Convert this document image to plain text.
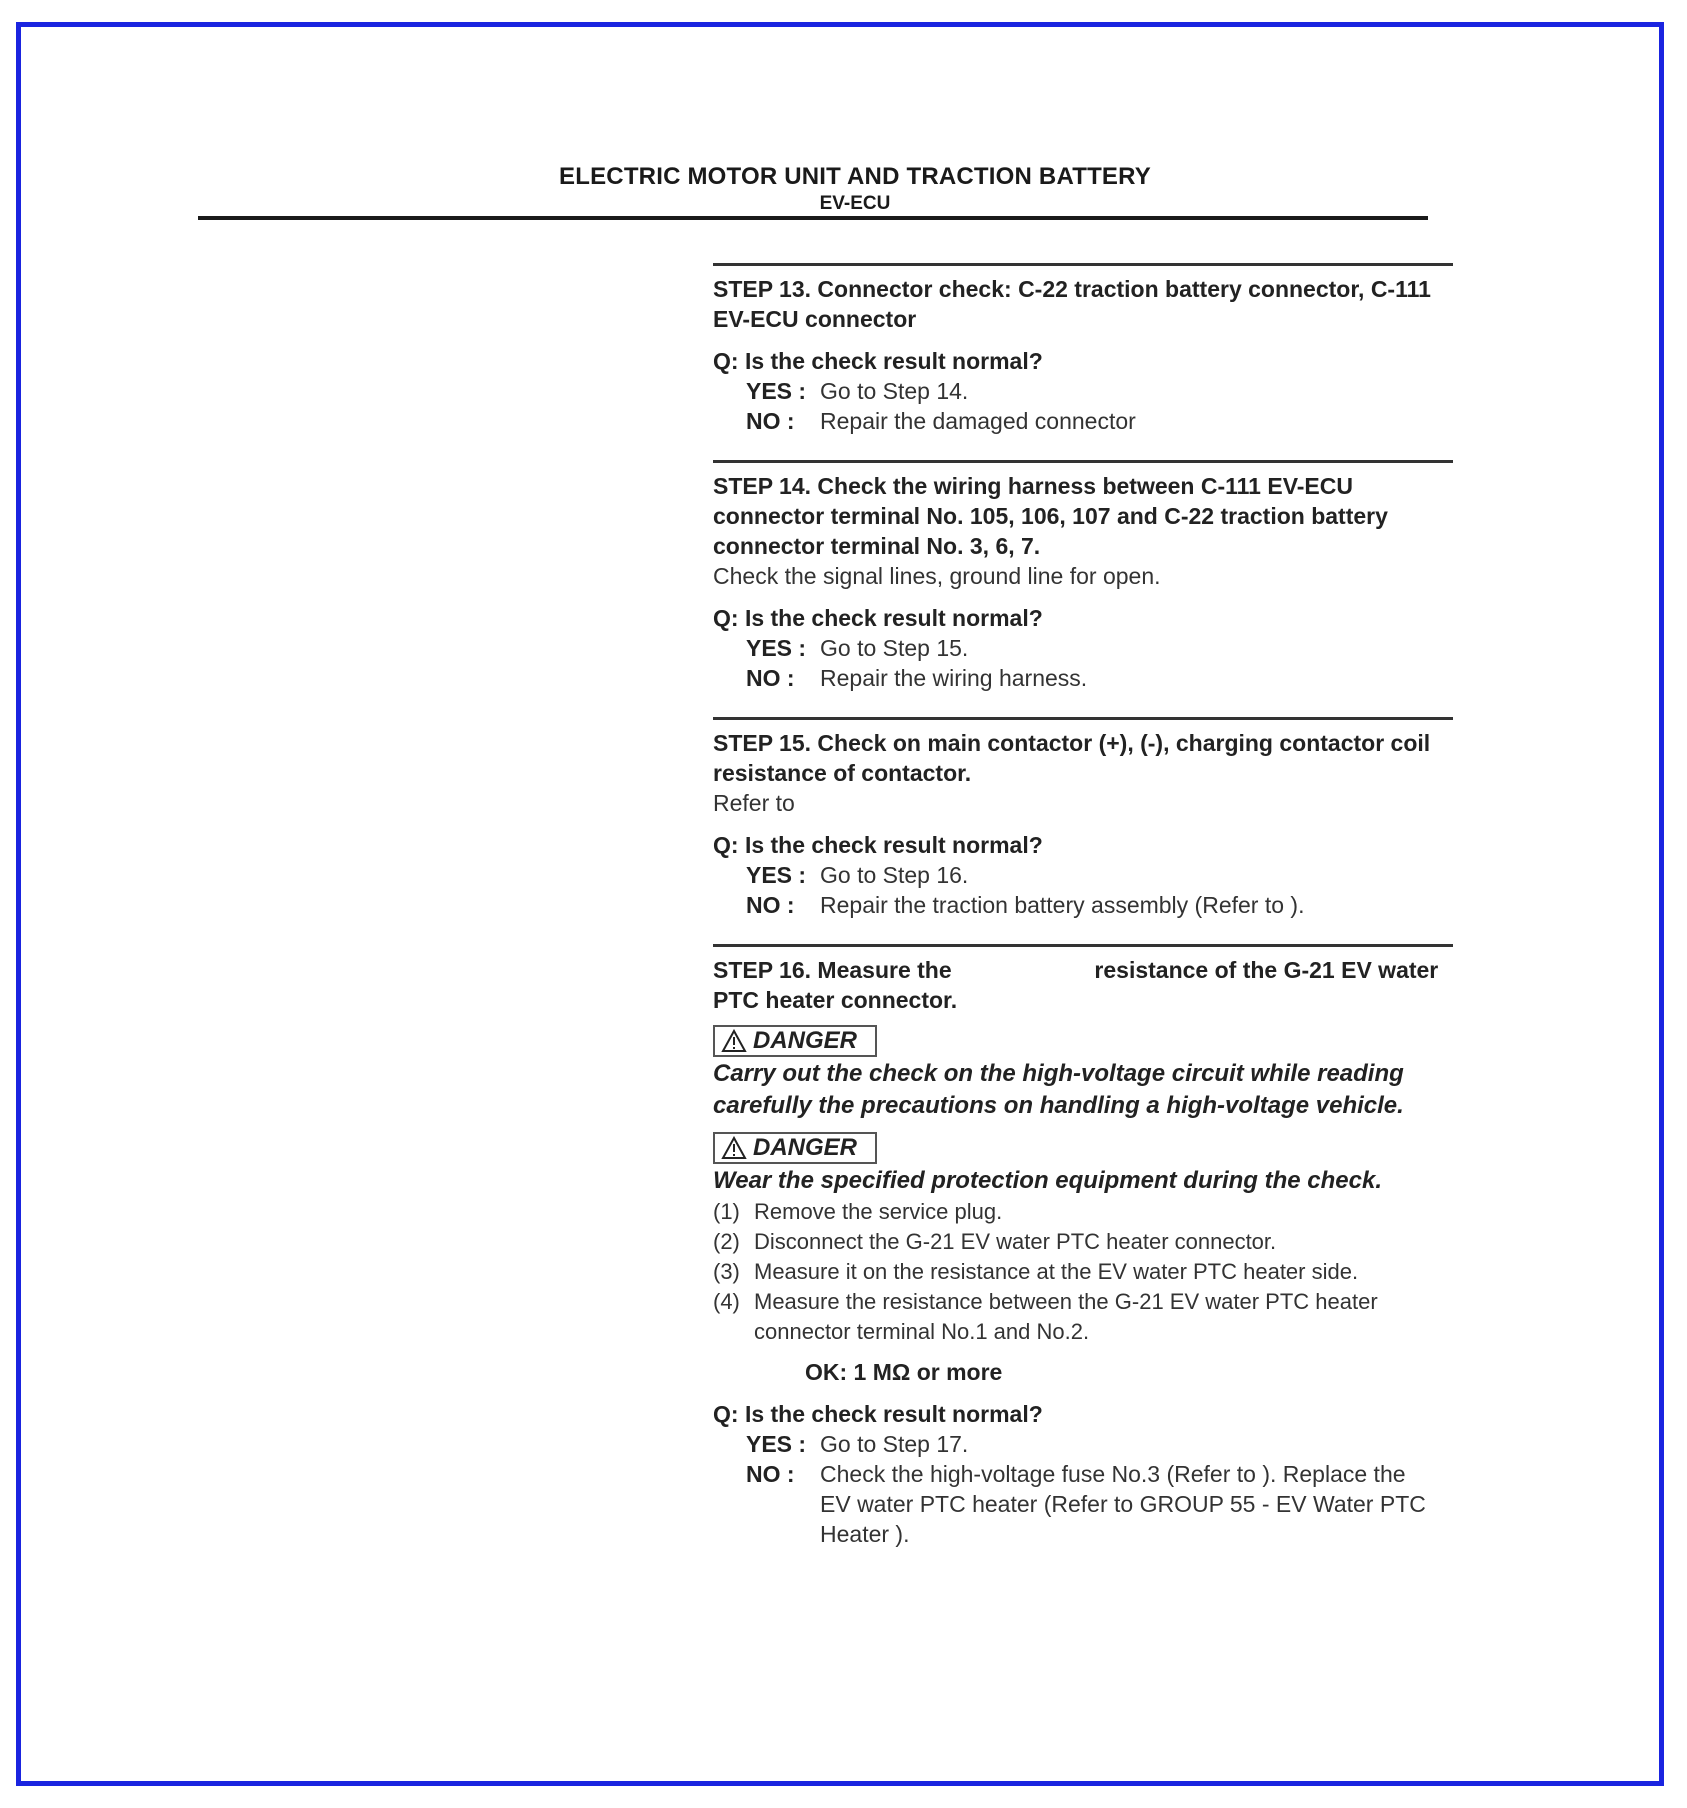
ELECTRIC MOTOR UNIT AND TRACTION BATTERY
EV-ECU
STEP 13. Connector check: C-22 traction battery connector, C-111 EV-ECU connector
Q: Is the check result normal?
YES : Go to Step 14.
NO :	Repair the damaged connector
STEP 14. Check the wiring harness between C-111 EV-ECU connector terminal No. 105, 106, 107 and C-22 traction battery connector terminal No. 3, 6, 7.
Check the signal lines, ground line for open.
Q: Is the check result normal?
YES : Go to Step 15.
NO :	Repair the wiring harness.
STEP 15. Check on main contactor (+), (-), charging contactor coil resistance of contactor.
Refer to
Q: Is the check result normal?
YES : Go to Step 16.
NO :	Repair the traction battery assembly (Refer to ).
STEP 16. Measure the	resistance of the G-21 EV water PTC heater connector.
DANGER
Carry out the check on the high-voltage circuit while reading carefully the precautions on handling a high-voltage vehicle.
DANGER
Wear the specified protection equipment during the check.
(1) Remove the service plug.
(2) Disconnect the G-21 EV water PTC heater connector.
(3) Measure it on the resistance at the EV water PTC heater side.
(4) Measure the resistance between the G-21 EV water PTC heater connector terminal No.1 and No.2.
OK: 1 MΩ or more
Q: Is the check result normal?
YES : Go to Step 17.
NO :	Check the high-voltage fuse No.3 (Refer to ). Replace the EV water PTC heater (Refer to GROUP 55 - EV Water PTC Heater ).
